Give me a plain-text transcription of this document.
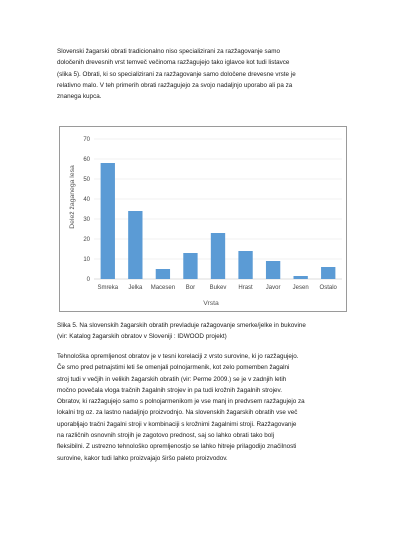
Slovenski žagarski obrati tradicionalno niso specializirani za razžagovanje samo
določenih drevesnih vrst temveč večinoma razžagujejo tako iglavce kot tudi listavce
(slika 5). Obrati, ki so specializirani za razžagovanje samo določene drevesne vrste je
relativno malo. V teh primerih obrati razžagujejo za svojo nadaljnjo uporabo ali pa za
znanega kupca.
0
10
20
30
40
50
60
70
Smreka Jelka Macesen Bor Bukev Hrast Javor Jesen Ostalo
Delež žaganega lesa
Vrsta
Slika 5. Na slovenskih žagarskih obratih prevladuje ražagovanje smerke/jelke in bukovine
(vir: Katalog žagarskih obratov v Sloveniji : IDWOOD projekt)
Tehnološka opremljenost obratov je v tesni korelaciji z vrsto surovine, ki jo razžagujejo.
Če smo pred petnajstimi leti še omenjali polnojarmenik, kot zelo pomemben žagalni
stroj tudi v večjih in velikih žagarskih obratih (vir: Perme 2009.) se je v zadnjih letih
močno povečala vloga tračnih žagalnih strojev in pa tudi krožnih žagalnih strojev.
Obratov, ki razžagujejo samo s polnojarmenikom je vse manj in predvsem razžagujejo za
lokalni trg oz. za lastno nadaljnjo proizvodnjo. Na slovenskih žagarskih obratih vse več
uporabljajo tračni žagalni stroji v kombinaciji s krožnimi žagalnimi stroji. Razžagovanje
na različnih osnovnih strojih je zagotovo prednost, saj so lahko obrati tako bolj
fleksibilni. Z ustrezno tehnološko opremljenostjo se lahko hitreje prilagodijo značilnosti
surovine, kakor tudi lahko proizvajajo širšo paleto proizvodov.
